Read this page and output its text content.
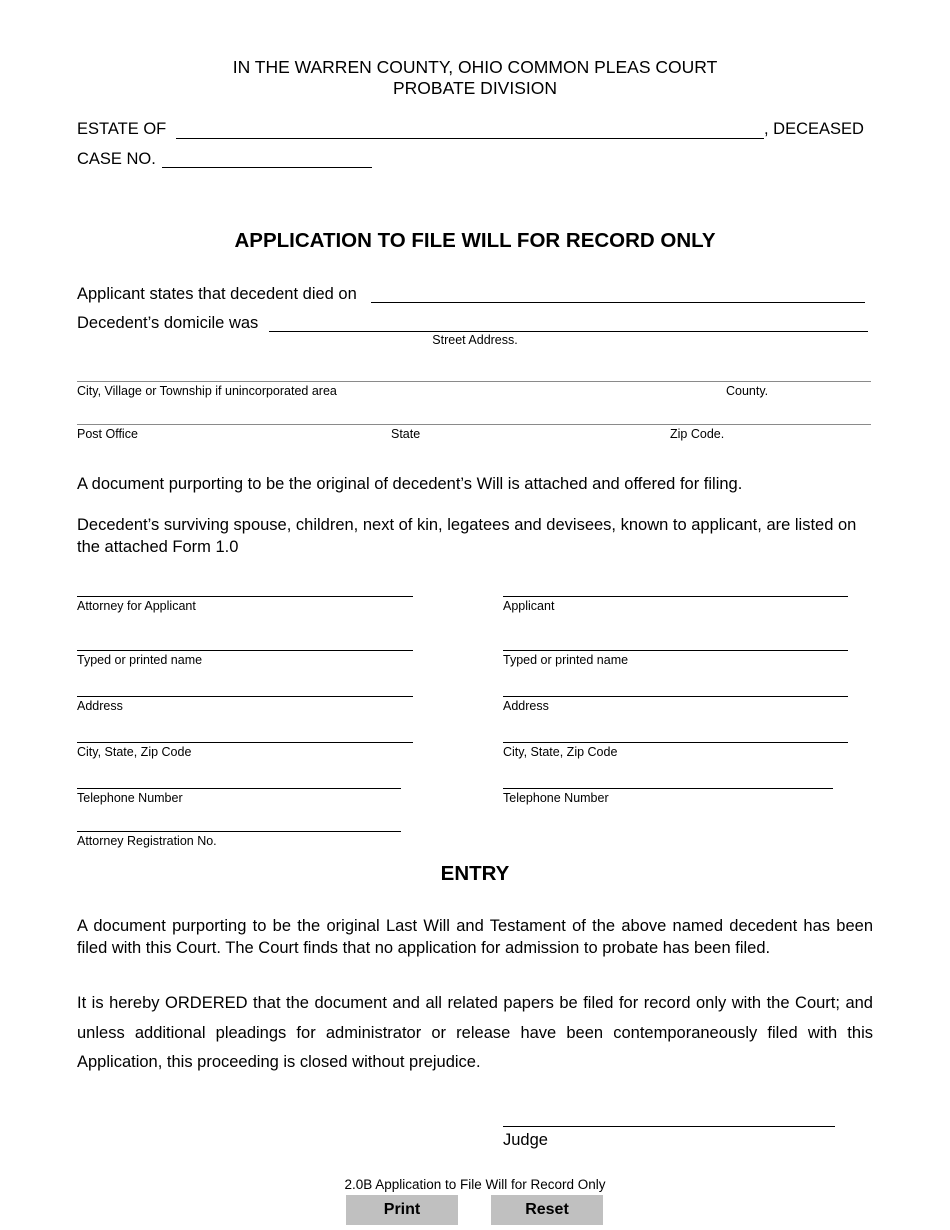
IN THE WARREN COUNTY, OHIO COMMON PLEAS COURT
PROBATE DIVISION
ESTATE OF	, DECEASED
CASE NO.
APPLICATION TO FILE WILL FOR RECORD ONLY
Applicant states that decedent died on
Decedent’s domicile was
Street Address.
City, Village or Township if unincorporated area	County.
Post Office	State	Zip Code.
A document purporting to be the original of decedent’s Will is attached and offered for filing.
Decedent’s surviving spouse, children, next of kin, legatees and devisees, known to applicant, are listed on the attached Form 1.0
Attorney for Applicant
Typed or printed name
Address
City, State, Zip Code
Telephone Number
Attorney Registration No.
Applicant
Typed or printed name
Address
City, State, Zip Code
Telephone Number
ENTRY
A document purporting to be the original Last Will and Testament of the above named decedent has been filed with this Court. The Court finds that no application for admission to probate has been filed.
It is hereby ORDERED that the document and all related papers be filed for record only with the Court; and unless additional pleadings for administrator or release have been contemporaneously filed with this Application, this proceeding is closed without prejudice.
Judge
2.0B Application to File Will for Record Only
Print	Reset
